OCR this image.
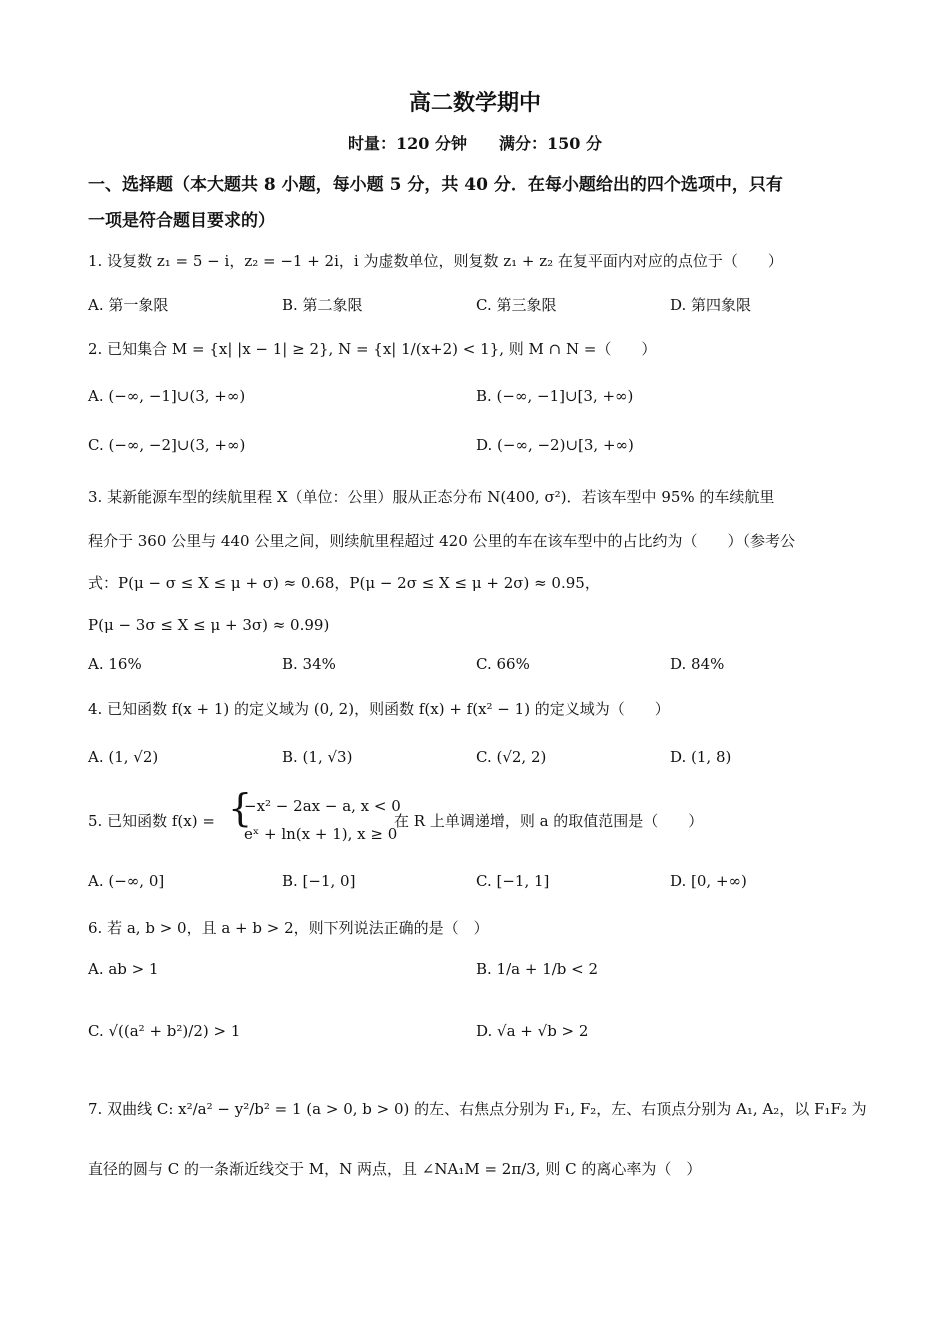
高二数学期中
时量：120 分钟　　满分：150 分
一、选择题（本大题共 8 小题，每小题 5 分，共 40 分．在每小题给出的四个选项中，只有
一项是符合题目要求的）
1. 设复数 z₁ = 5 − i，z₂ = −1 + 2i，i 为虚数单位，则复数 z₁ + z₂ 在复平面内对应的点位于（　　）
A. 第一象限	B. 第二象限	C. 第三象限	D. 第四象限
2. 已知集合 M = {x| |x − 1| ≥ 2}, N = {x| 1/(x+2) < 1}, 则 M ∩ N =（　　）
A. (−∞, −1]∪(3, +∞)	B. (−∞, −1]∪[3, +∞)
C. (−∞, −2]∪(3, +∞)	D. (−∞, −2)∪[3, +∞)
3. 某新能源车型的续航里程 X（单位：公里）服从正态分布 N(400, σ²)．若该车型中 95% 的车续航里
程介于 360 公里与 440 公里之间，则续航里程超过 420 公里的车在该车型中的占比约为（　　）（参考公
式：P(μ − σ ≤ X ≤ μ + σ) ≈ 0.68，P(μ − 2σ ≤ X ≤ μ + 2σ) ≈ 0.95，
P(μ − 3σ ≤ X ≤ μ + 3σ) ≈ 0.99)
A. 16%	B. 34%	C. 66%	D. 84%
4. 已知函数 f(x + 1) 的定义域为 (0, 2)，则函数 f(x) + f(x² − 1) 的定义域为（　　）
A. (1, √2)	B. (1, √3)	C. (√2, 2)	D. (1, 8)
5. 已知函数 f(x) = {
−x² − 2ax − a, x < 0
eˣ + ln(x + 1), x ≥ 0
在 R 上单调递增，则 a 的取值范围是（　　）
A. (−∞, 0]	B. [−1, 0]	C. [−1, 1]	D. [0, +∞)
6. 若 a, b > 0，且 a + b > 2，则下列说法正确的是（　）
A. ab > 1	B. 1/a + 1/b < 2
C. √((a² + b²)/2) > 1	D. √a + √b > 2
7. 双曲线 C: x²/a² − y²/b² = 1 (a > 0, b > 0) 的左、右焦点分别为 F₁, F₂，左、右顶点分别为 A₁, A₂，以 F₁F₂ 为
直径的圆与 C 的一条渐近线交于 M，N 两点，且 ∠NA₁M = 2π/3, 则 C 的离心率为（　）
